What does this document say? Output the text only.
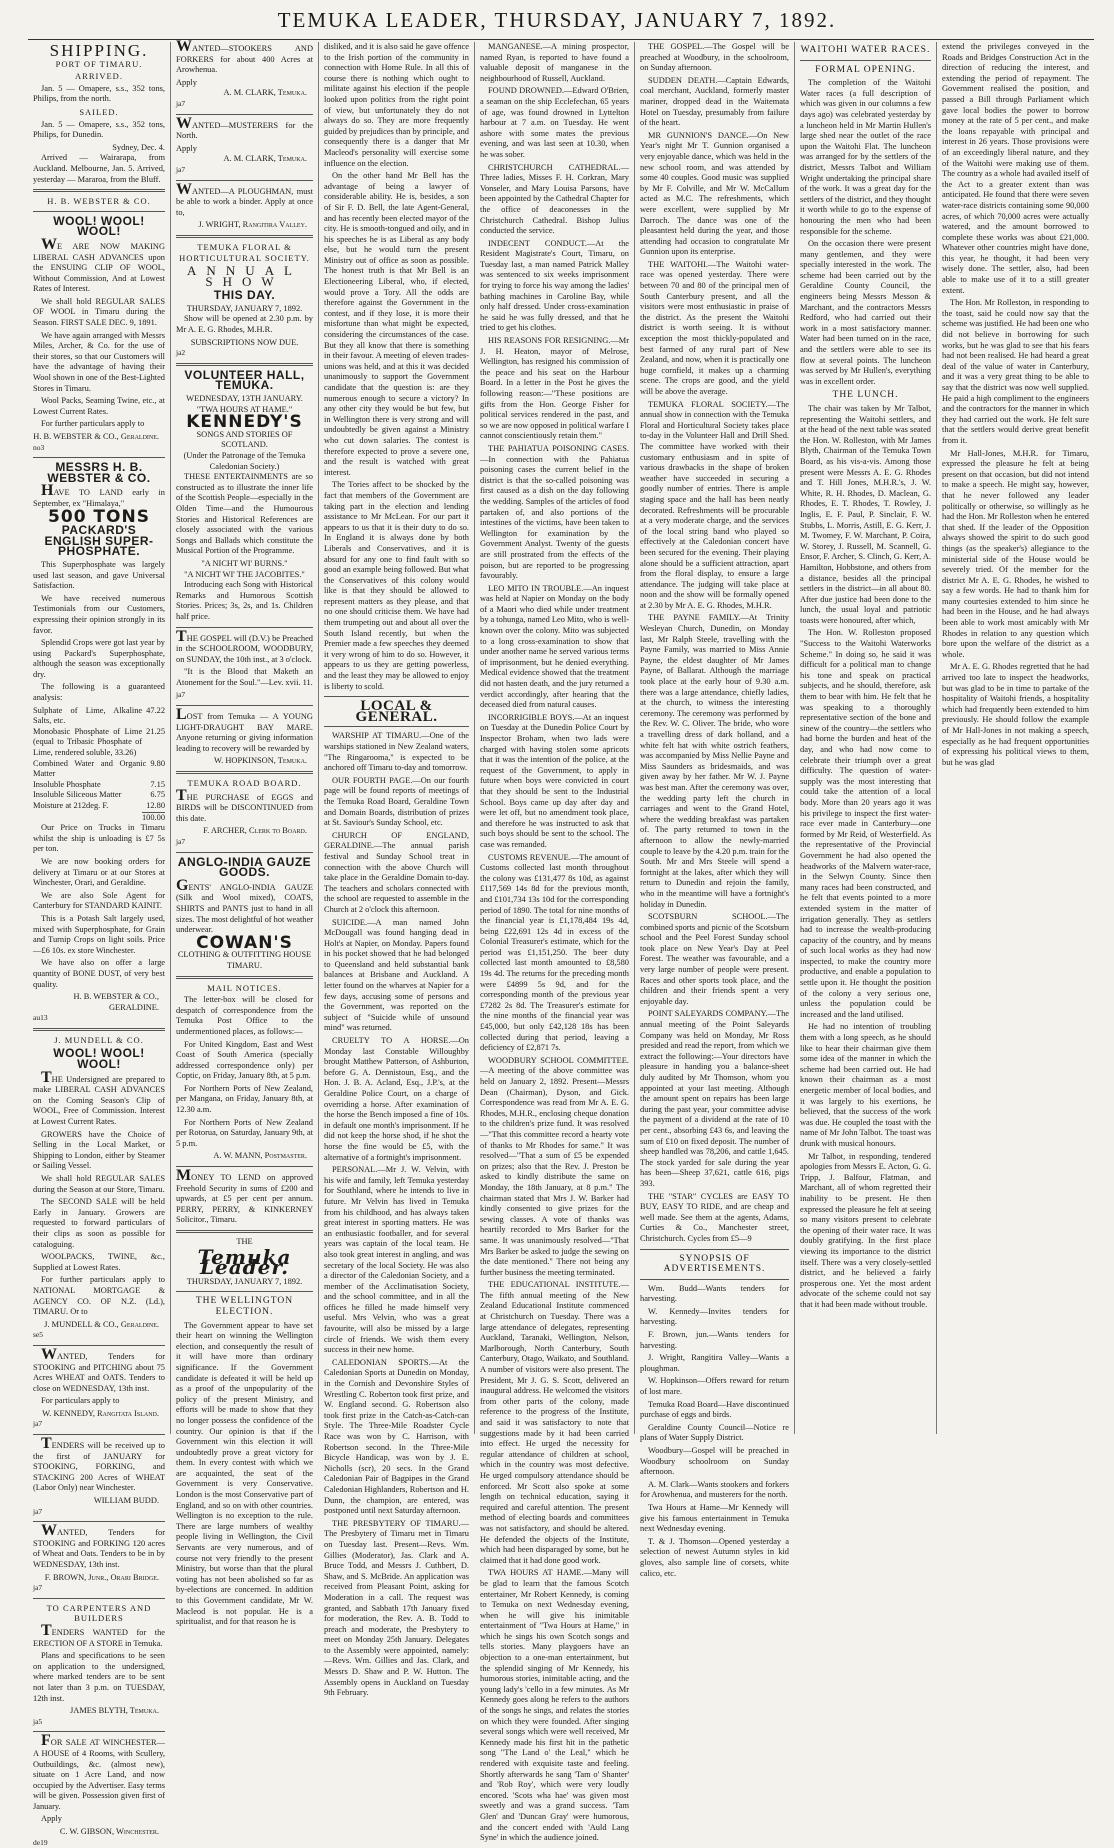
TEMUKA LEADER, THURSDAY, JANUARY 7, 1892.
SHIPPING.
PORT OF TIMARU.
ARRIVED.

Jan. 5 — Omapere, s.s., 352 tons, Philips, from the north.

SAILED.

Jan. 5 — Omapere, s.s., 352 tons, Philips, for Dunedin.

Sydney, Dec. 4.

Arrived — Wairarapa, from Auckland. Melbourne, Jan. 5. Arrived, yesterday — Mararoa, from the Bluff.

H. B. WEBSTER & CO.
WOOL! WOOL! WOOL!

WE ARE NOW MAKING LIBERAL CASH ADVANCES upon the ENSUING CLIP OF WOOL, Without Commission, And at Lowest Rates of Interest.

We shall hold REGULAR SALES OF WOOL in Timaru during the Season. FIRST SALE DEC. 9, 1891.

We have again arranged with Messrs Miles, Archer, & Co. for the use of their stores, so that our Customers will have the advantage of having their Wool shown in one of the Best-Lighted Stores in Timaru.

Wool Packs, Seaming Twine, etc., at Lowest Current Rates.

For further particulars apply to

H. B. WEBSTER & CO., Geraldine.
no3
MESSRS H. B. WEBSTER & CO.

HAVE TO LAND early in September, ex "Himalaya,"

500 TONS
PACKARD'S ENGLISH SUPER-PHOSPHATE.

This Superphosphate was largely used last season, and gave Universal Satisfaction.

We have received numerous Testimonials from our Customers, expressing their opinion strongly in its favor.

Splendid Crops were got last year by using Packard's Superphosphate, although the season was exceptionally dry.

The following is a guaranteed analysis:

Sulphate of Lime, Alkaline Salts, etc.
47.22
Monobasic Phosphate of Lime (equal to Tribasic Phosphate of Lime, rendered soluble, 33.26)
21.25
Combined Water and Organic Matter
9.80
Insoluble Phosphate	7.15
Insoluble Siliceous Matter	6.75
Moisture at 212deg. F.	12.80
100.00

Our Price on Trucks in Timaru whilst the ship is unloading is £7 5s per ton.

We are now booking orders for delivery at Timaru or at our Stores at Winchester, Orari, and Geraldine.

We are also Sole Agent for Canterbury for STANDARD KAINIT.

This is a Potash Salt largely used, mixed with Superphosphate, for Grain and Turnip Crops on light soils. Price—£6 10s. ex store Winchester.

We have also on offer a large quantity of BONE DUST, of very best quality.

H. B. WEBSTER & CO., GERALDINE.
au13
J. MUNDELL & CO.
WOOL! WOOL! WOOL!

THE Undersigned are prepared to make LIBERAL CASH ADVANCES on the Coming Season's Clip of WOOL, Free of Commission. Interest at Lowest Current Rates.

GROWERS have the Choice of Selling in the Local Market, or Shipping to London, either by Steamer or Sailing Vessel.

We shall hold REGULAR SALES during the Season at our Store, Timaru.

The SECOND SALE will be held Early in January. Growers are requested to forward particulars of their clips as soon as possible for cataloguing.

WOOLPACKS, TWINE, &c., Supplied at Lowest Rates.

For further particulars apply to NATIONAL MORTGAGE & AGENCY CO. OF N.Z. (Ld.), TIMARU. Or to

J. MUNDELL & CO., Geraldine.
se5

WANTED, Tenders for STOOKING and PITCHING about 75 Acres WHEAT and OATS. Tenders to close on WEDNESDAY, 13th inst.

For particulars apply to

W. KENNEDY, Rangitata Island.
ja7

TENDERS will be received up to the first of JANUARY for STOOKING, FORKING, and STACKING 200 Acres of WHEAT (Labor Only) near Winchester.

WILLIAM BUDD.
ja7

WANTED, Tenders for STOOKING and FORKING 120 acres of Wheat and Oats. Tenders to be in by WEDNESDAY, 13th inst.

F. BROWN, Junr., Orari Bridge.
ja7
TO CARPENTERS AND BUILDERS

TENDERS WANTED for the ERECTION OF A STORE in Temuka.

Plans and specifications to be seen on application to the undersigned, where marked tenders are to be sent not later than 3 p.m. on TUESDAY, 12th inst.

JAMES BLYTH, Temuka.
ja5

FOR SALE AT WINCHESTER—A HOUSE of 4 Rooms, with Scullery, Outbuildings, &c. (almost new), situate on 1 Acre Land, and now occupied by the Advertiser. Easy terms will be given. Possession given first of January.

Apply

C. W. GIBSON, Winchester.
de19

WANTED—STOOKERS AND FORKERS for about 400 Acres at Arowhenua.

Apply
A. M. CLARK, Temuka.
ja7

WANTED—MUSTERERS for the North.

Apply
A. M. CLARK, Temuka.
ja7

WANTED—A PLOUGHMAN, must be able to work a binder. Apply at once to,

J. WRIGHT, Rangitira Valley.
TEMUKA FLORAL & HORTICULTURAL SOCIETY.
ANNUAL SHOW
THIS DAY.
THURSDAY, JANUARY 7, 1892.

Show will be opened at 2.30 p.m. by Mr A. E. G. Rhodes, M.H.R.

SUBSCRIPTIONS NOW DUE.
ja2
VOLUNTEER HALL, TEMUKA.
WEDNESDAY, 13TH JANUARY.
"TWA HOURS AT HAME."
KENNEDY'S
SONGS AND STORIES OF SCOTLAND.
(Under the Patronage of the Temuka Caledonian Society.)

THESE ENTERTAINMENTS are so constructed as to illustrate the inner life of the Scottish People—especially in the Olden Time—and the Humourous Stories and Historical References are closely associated with the various Songs and Ballads which constitute the Musical Portion of the Programme.

"A NICHT WI' BURNS."
"A NICHT WI' THE JACOBITES."

Introducing each Song with Historical Remarks and Humorous Scottish Stories. Prices; 3s, 2s, and 1s. Children half price.

THE GOSPEL will (D.V.) be Preached in the SCHOOLROOM, WOODBURY, on SUNDAY, the 10th inst., at 3 o'clock.

"It is the Blood that Maketh an Atonement for the Soul."—Lev. xvii. 11.

ja7

LOST from Temuka — A YOUNG LIGHT-DRAUGHT BAY MARE. Anyone returning or giving information leading to recovery will be rewarded by

W. HOPKINSON, Temuka.
TEMUKA ROAD BOARD.

THE PURCHASE of EGGS and BIRDS will be DISCONTINUED from this date.

F. ARCHER, Clerk to Board.
ja7
ANGLO-INDIA GAUZE GOODS.

GENTS' ANGLO-INDIA GAUZE (Silk and Wool mixed), COATS, SHIRTS and PANTS just to hand in all sizes. The most delightful of hot weather underwear.

COWAN'S
CLOTHING & OUTFITTING HOUSE
TIMARU.
MAIL NOTICES.

The letter-box will be closed for despatch of correspondence from the Temuka Post Office to the undermentioned places, as follows:—

For United Kingdom, East and West Coast of South America (specially addressed correspondence only) per Coptic, on Friday, January 8th, at 5 p.m.

For Northern Ports of New Zealand, per Mangana, on Friday, January 8th, at 12.30 a.m.

For Northern Ports of New Zealand per Rotorua, on Saturday, January 9th, at 5 p.m.

A. W. MANN, Postmaster.

MONEY TO LEND on approved Freehold Security in sums of £200 and upwards, at £5 per cent per annum. PERRY, PERRY, & KINKERNEY Solicitor., Timaru.

THE
Temuka Leader.
THURSDAY, JANUARY 7, 1892.
THE WELLINGTON ELECTION.

The Government appear to have set their heart on winning the Wellington election, and consequently the result of it will have more than ordinary significance. If the Government candidate is defeated it will be held up as a proof of the unpopularity of the policy of the present Ministry, and efforts will be made to show that they no longer possess the confidence of the country. Our opinion is that if the Government win this election it will undoubtedly prove a great victory for them. In every contest with which we are acquainted, the seat of the Government is very Conservative. London is the most Conservative part of England, and so on with other countries. Wellington is no exception to the rule. There are large numbers of wealthy people living in Wellington, the Civil Servants are very numerous, and of course not very friendly to the present Ministry, but worse than that the plural voting has not been abolished so far as by-elections are concerned. In addition to this Government candidate, Mr W. Macleod is not popular. He is a spiritualist, and for that reason he is

disliked, and it is also said he gave offence to the Irish portion of the community in connection with Home Rule. In all this of course there is nothing which ought to militate against his election if the people looked upon politics from the right point of view, but unfortunately they do not always do so. They are more frequently guided by prejudices than by principle, and consequently there is a danger that Mr Macleod's personality will exercise some influence on the election.

On the other hand Mr Bell has the advantage of being a lawyer of considerable ability. He is, besides, a son of Sir F. D. Bell, the late Agent-General, and has recently been elected mayor of the city. He is smooth-tongued and oily, and in his speeches he is as Liberal as any body else, but he would turn the present Ministry out of office as soon as possible. The honest truth is that Mr Bell is an Electioneering Liberal, who, if elected, would prove a Tory. All the odds are therefore against the Government in the contest, and if they lose, it is more their misfortune than what might be expected, considering the circumstances of the case. But they all know that there is something in their favour. A meeting of eleven trades-unions was held, and at this it was decided unanimously to support the Government candidate that the question is: are they numerous enough to secure a victory? In any other city they would be but few, but in Wellington there is very strong and will undoubtedly be given against a Ministry who cut down salaries. The contest is therefore expected to prove a severe one, and the result is watched with great interest.

The Tories affect to be shocked by the fact that members of the Government are taking part in the election and lending assistance to Mr McLean. For our part it appears to us that it is their duty to do so. In England it is always done by both Liberals and Conservatives, and it is absurd for any one to find fault with so good an example being followed. But what the Conservatives of this colony would like is that they should be allowed to represent matters as they please, and that no one should criticise them. We have had them trumpeting out and about all over the South Island recently, but when the Premier made a few speeches they deemed it very wrong of him to do so. However, it appears to us they are getting powerless, and the least they may be allowed to enjoy is liberty to scold.

LOCAL & GENERAL.

WARSHIP AT TIMARU.—One of the warships stationed in New Zealand waters, "The Ringarooma," is expected to be anchored off Timaru to-day and tomorrow.

OUR FOURTH PAGE.—On our fourth page will be found reports of meetings of the Temuka Road Board, Geraldine Town and Domain Boards, distribution of prizes at St. Saviour's Sunday School, etc.

CHURCH OF ENGLAND, GERALDINE.—The annual parish festival and Sunday School treat in connection with the above Church will take place in the Geraldine Domain to-day. The teachers and scholars connected with the school are requested to assemble in the Church at 2 o'clock this afternoon.

SUICIDE.—A man named John McDougall was found hanging dead in Holt's at Napier, on Monday. Papers found in his pocket showed that he had belonged to Queensland and held substantial bank balances at Brisbane and Auckland. A letter found on the wharves at Napier for a few days, accusing some of persons and the Government, was reported on the subject of "Suicide while of unsound mind" was returned.

CRUELTY TO A HORSE.—On Monday last Constable Willoughby brought Matthew Patterson, of Ashburton, before G. A. Dennistoun, Esq., and the Hon. J. B. A. Acland, Esq., J.P.'s, at the Geraldine Police Court, on a charge of overriding a horse. After examination of the horse the Bench imposed a fine of 10s. in default one month's imprisonment. If he did not keep the horse shod, if he shot the horse the fine would be £5, with the alternative of a fortnight's imprisonment.

PERSONAL.—Mr J. W. Velvin, with his wife and family, left Temuka yesterday for Southland, where he intends to live in future. Mr Velvin has lived in Temuka from his childhood, and has always taken great interest in sporting matters. He was an enthusiastic footballer, and for several years was captain of the local team. He also took great interest in angling, and was secretary of the local Society. He was also a director of the Caledonian Society, and a member of the Acclimatisation Society, and the school committee, and in all the offices he filled he made himself very useful. Mrs Velvin, who was a great favourite, will also be missed by a large circle of friends. We wish them every success in their new home.

CALEDONIAN SPORTS.—At the Caledonian Sports at Dunedin on Monday, in the Cornish and Devonshire Styles of Wrestling C. Roberton took first prize, and W. England second. G. Robertson also took first prize in the Catch-as-Catch-can Style. The Three-Mile Roadster Cycle Race was won by C. Harrison, with Robertson second. In the Three-Mile Bicycle Handicap, was won by J. E. Nicholls (scr), 20 secs. In the Grand Caledonian Pair of Bagpipes in the Grand Caledonian Highlanders, Robertson and H. Dunn, the champion, are entered, was postponed until next Saturday afternoon.

THE PRESBYTERY OF TIMARU.—The Presbytery of Timaru met in Timaru on Tuesday last. Present—Revs. Wm. Gillies (Moderator), Jas. Clark and A. Bruce Todd, and Messrs J. Cuthbert, D. Shaw, and S. McBride. An application was received from Pleasant Point, asking for Moderation in a call. The request was granted, and Sabbath 17th January fixed for moderation, the Rev. A. B. Todd to preach and moderate, the Presbytery to meet on Monday 25th January. Delegates to the Assembly were appointed, namely:—Revs. Wm. Gillies and Jas. Clark, and Messrs D. Shaw and P. W. Hutton. The Assembly opens in Auckland on Tuesday 9th February.

MANGANESE.—A mining prospector, named Ryan, is reported to have found a valuable deposit of manganese in the neighbourhood of Russell, Auckland.

FOUND DROWNED.—Edward O'Brien, a seaman on the ship Ecclefechan, 65 years of age, was found drowned in Lyttelton harbour at 7 a.m. on Tuesday. He went ashore with some mates the previous evening, and was last seen at 10.30, when he was sober.

CHRISTCHURCH CATHEDRAL.—Three ladies, Misses F. H. Corkran, Mary Vonseler, and Mary Louisa Parsons, have been appointed by the Cathedral Chapter for the office of deaconesses in the Christchurch Cathedral. Bishop Julius conducted the service.

INDECENT CONDUCT.—At the Resident Magistrate's Court, Timaru, on Tuesday last, a man named Patrick Malley was sentenced to six weeks imprisonment for trying to force his way among the ladies' bathing machines in Caroline Bay, while only half dressed. Under cross-examination he said he was fully dressed, and that he tried to get his clothes.

HIS REASONS FOR RESIGNING.—Mr J. H. Heaton, mayor of Melrose, Wellington, has resigned his commission of the peace and his seat on the Harbour Board. In a letter in the Post he gives the following reason:—"These positions are gifts from the Hon. George Fisher for political services rendered in the past, and so we are now opposed in political warfare I cannot conscientiously retain them."

THE PAHIATUA POISONING CASES.—In connection with the Pahiatua poisoning cases the current belief in the district is that the so-called poisoning was first caused as a dish on the day following the wedding. Samples of the articles of food partaken of, and also portions of the intestines of the victims, have been taken to Wellington for examination by the Government Analyst. Twenty of the guests are still prostrated from the effects of the poison, but are reported to be progressing favourably.

LEO MITO IN TROUBLE.—An inquest was held at Napier on Monday on the body of a Maori who died while under treatment by a tohunga, named Leo Mito, who is well-known over the colony. Mito was subjected to a long cross-examination to show that under another name he served various terms of imprisonment, but he denied everything. Medical evidence showed that the treatment did not hasten death, and the jury returned a verdict accordingly, after hearing that the deceased died from natural causes.

INCORRIGIBLE BOYS.—At an inquest on Tuesday at the Dunedin Police Court by Inspector Broham, when two lads were charged with having stolen some apricots that it was the intention of the police, at the request of the Government, to apply in future when boys were convicted in court that they should be sent to the Industrial School. Boys came up day after day and were let off, but no amendment took place, and therefore he was instructed to ask that such boys should be sent to the school. The case was remanded.

CUSTOMS REVENUE.—The amount of Customs collected last month throughout the colony was £131,477 8s 10d, as against £117,569 14s 8d for the previous month, and £101,734 13s 10d for the corresponding period of 1890. The total for nine months of the financial year is £1,178,484 19s 4d, being £22,691 12s 4d in excess of the Colonial Treasurer's estimate, which for the period was £1,151,250. The beer duty collected last month amounted to £8,580 19s 4d. The returns for the preceding month were £4899 5s 9d, and for the corresponding month of the previous year £7282 2s 8d. The Treasurer's estimate for the nine months of the financial year was £45,000, but only £42,128 18s has been collected during that period, leaving a deficiency of £2,871 7s.

WOODBURY SCHOOL COMMITTEE.—A meeting of the above committee was held on January 2, 1892. Present—Messrs Dean (Chairman), Dyson, and Gick. Correspondence was read from Mr A. E. G. Rhodes, M.H.R., enclosing cheque donation to the children's prize fund. It was resolved—"That this committee record a hearty vote of thanks to Mr Rhodes for same." It was resolved—"That a sum of £5 be expended on prizes; also that the Rev. J. Preston be asked to kindly distribute the same on Monday, the 18th January, at 8 p.m." The chairman stated that Mrs J. W. Barker had kindly consented to give prizes for the sewing classes. A vote of thanks was heartily recorded to Mrs Barker for the same. It was unanimously resolved—"That Mrs Barker be asked to judge the sewing on the date mentioned." There not being any further business the meeting terminated.

THE EDUCATIONAL INSTITUTE.—The fifth annual meeting of the New Zealand Educational Institute commenced at Christchurch on Tuesday. There was a large attendance of delegates, representing Auckland, Taranaki, Wellington, Nelson, Marlborough, North Canterbury, South Canterbury, Otago, Waikato, and Southland. A number of visitors were also present. The President, Mr J. G. S. Scott, delivered an inaugural address. He welcomed the visitors from other parts of the colony, made reference to the progress of the Institute, and said it was satisfactory to note that suggestions made by it had been carried into effect. He urged the necessity for regular attendance of children at school, which in the country was most defective. He urged compulsory attendance should be enforced. Mr Scott also spoke at some length on technical education, saying it required and careful attention. The present method of electing boards and committees was not satisfactory, and should be altered. He defended the objects of the Institute, which had been disparaged by some, but he claimed that it had done good work.

TWA HOURS AT HAME.—Many will be glad to learn that the famous Scotch entertainer, Mr Robert Kennedy, is coming to Temuka on next Wednesday evening, when he will give his inimitable entertainment of "Twa Hours at Hame," in which he sings his own Scotch songs and tells stories. Many playgoers have an objection to a one-man entertainment, but the splendid singing of Mr Kennedy, his humorous stories, inimitable acting, and the young lady's 'cello in a few minutes. As Mr Kennedy goes along he refers to the authors of the songs he sings, and relates the stories on which they were founded. After singing several songs which were well received, Mr Kennedy made his first hit in the pathetic song "The Land o' the Leal," which he rendered with exquisite taste and feeling. Shortly afterwards he sang 'Tam o' Shanter' and 'Rob Roy', which were very loudly encored. 'Scots wha hae' was given most sweetly and was a grand success. 'Tam Glen' and 'Duncan Gray' were humorous, and the concert ended with 'Auld Lang Syne' in which the audience joined.

THE GOSPEL.—The Gospel will be preached at Woodbury, in the schoolroom, on Sunday afternoon.

SUDDEN DEATH.—Captain Edwards, coal merchant, Auckland, formerly master mariner, dropped dead in the Waitemata Hotel on Tuesday, presumably from failure of the heart.

MR GUNNION'S DANCE.—On New Year's night Mr T. Gunnion organised a very enjoyable dance, which was held in the new school room, and was attended by some 40 couples. Good music was supplied by Mr F. Colville, and Mr W. McCallum acted as M.C. The refreshments, which were excellent, were supplied by Mr Darroch. The dance was one of the pleasantest held during the year, and those attending had occasion to congratulate Mr Gunnion upon its enterprise.

THE WAITOHI.—The Waitohi water-race was opened yesterday. There were between 70 and 80 of the principal men of South Canterbury present, and all the visitors were most enthusiastic in praise of the district. As the present the Waitohi district is worth seeing. It is without exception the most thickly-populated and best farmed of any rural part of New Zealand, and now, when it is practically one huge cornfield, it makes up a charming scene. The crops are good, and the yield will be above the average.

TEMUKA FLORAL SOCIETY.—The annual show in connection with the Temuka Floral and Horticultural Society takes place to-day in the Volunteer Hall and Drill Shed. The committee have worked with their customary enthusiasm and in spite of various drawbacks in the shape of broken weather have succeeded in securing a goodly number of entries. There is ample staging space and the hall has been neatly decorated. Refreshments will be procurable at a very moderate charge, and the services of the local string band who played so effectively at the Caledonian concert have been secured for the evening. Their playing alone should be a sufficient attraction, apart from the floral display, to ensure a large attendance. The judging will take place at noon and the show will be formally opened at 2.30 by Mr A. E. G. Rhodes, M.H.R.

THE PAYNE FAMILY.—At Trinity Wesleyan Church, Dunedin, on Monday last, Mr Ralph Steele, travelling with the Payne Family, was married to Miss Annie Payne, the eldest daughter of Mr James Payne, of Ballarat. Although the marriage took place at the early hour of 9.30 a.m. there was a large attendance, chiefly ladies, at the church, to witness the interesting ceremony. The ceremony was performed by the Rev. W. C. Oliver. The bride, who wore a travelling dress of dark holland, and a white felt hat with white ostrich feathers, was accompanied by Miss Nellie Payne and Miss Saunders as bridesmaids, and was given away by her father. Mr W. J. Payne was best man. After the ceremony was over, the wedding party left the church in carriages and went to the Grand Hotel, where the wedding breakfast was partaken of. The party returned to town in the afternoon to allow the newly-married couple to leave by the 4.20 p.m. train for the South. Mr and Mrs Steele will spend a fortnight at the lakes, after which they will return to Dunedin and rejoin the family, who in the meantime will have a fortnight's holiday in Dunedin.

SCOTSBURN SCHOOL.—The combined sports and picnic of the Scotsburn school and the Peel Forest Sunday school took place on New Year's Day at Peel Forest. The weather was favourable, and a very large number of people were present. Races and other sports took place, and the children and their friends spent a very enjoyable day.

POINT SALEYARDS COMPANY.—The annual meeting of the Point Saleyards Company was held on Monday, Mr Ross presided and read the report, from which we extract the following:—Your directors have pleasure in handing you a balance-sheet duly audited by Mr Thomson, whom you appointed at your last meeting. Although the amount spent on repairs has been large during the past year, your committee advise the payment of a dividend at the rate of 10 per cent., absorbing £43 6s, and leaving the sum of £10 on fixed deposit. The number of sheep handled was 78,206, and cattle 1,645. The stock yarded for sale during the year has been—Sheep 37,621, cattle 616, pigs 393.

THE "STAR" CYCLES are EASY TO BUY, EASY TO RIDE, and are cheap and well made. See them at the agents, Adams, Curties & Co., Manchester street, Christchurch. Cycles from £5—9

SYNOPSIS OF ADVERTISEMENTS.

Wm. Budd—Wants tenders for harvesting.

W. Kennedy—Invites tenders for harvesting.

F. Brown, jun.—Wants tenders for harvesting.

J. Wright, Rangitira Valley—Wants a ploughman.

W. Hopkinson—Offers reward for return of lost mare.

Temuka Road Board—Have discontinued purchase of eggs and birds.

Geraldine County Council—Notice re plans of Water Supply District.

Woodbury—Gospel will be preached in Woodbury schoolroom on Sunday afternoon.

A. M. Clark—Wants stookers and forkers for Arowhenua, and musterers for the north.

Twa Hours at Hame—Mr Kennedy will give his famous entertainment in Temuka next Wednesday evening.

T. & J. Thomson—Opened yesterday a selection of newest Autumn styles in kid gloves, also sample line of corsets, white calico, etc.

WAITOHI WATER RACES.
FORMAL OPENING.

The completion of the Waitohi Water races (a full description of which was given in our columns a few days ago) was celebrated yesterday by a luncheon held in Mr Martin Hullen's large shed near the outlet of the race upon the Waitohi Flat. The luncheon was arranged for by the settlers of the district, Messrs Talbot and William Wright undertaking the principal share of the work. It was a great day for the settlers of the district, and they thought it worth while to go to the expense of honouring the men who had been responsible for the scheme.

On the occasion there were present many gentlemen, and they were specially interested in the work. The scheme had been carried out by the Geraldine County Council, the engineers being Messrs Messon & Marchant, and the contractors Messrs Redford, who had carried out their work in a most satisfactory manner. Water had been turned on in the race, and the settlers were able to see its flow at several points. The luncheon was served by Mr Hullen's, everything was in excellent order.

THE LUNCH.

The chair was taken by Mr Talbot, representing the Waitohi settlers, and at the head of the next table was seated the Hon. W. Rolleston, with Mr James Blyth, Chairman of the Temuka Town Board, as his vis-a-vis. Among those present were Messrs A. E. G. Rhodes and T. Hill Jones, M.H.R.'s, J. W. White, R. H. Rhodes, D. Maclean, G. Rhodes, E. T. Rhodes, T. Rowley, J. Inglis, E. F. Paul, P. Sinclair, F. W. Stubbs, L. Morris, Astill, E. G. Kerr, J. M. Twomey, F. W. Marchant, P. Coira, W. Storey, J. Russell, M. Scannell, G. Ensor, F. Archer, S. Clinch, G. Kerr, A. Hamilton, Hobbstone, and others from a distance, besides all the principal settlers in the district—in all about 80. After due justice had been done to the lunch, the usual loyal and patriotic toasts were honoured, after which,

The Hon. W. Rolleston proposed "Success to the Waitohi Waterworks Scheme." In doing so, he said it was difficult for a political man to change his tone and speak on practical subjects, and he should, therefore, ask them to bear with him. He felt that he was speaking to a thoroughly representative section of the bone and sinew of the country—the settlers who had borne the burden and heat of the day, and who had now come to celebrate their triumph over a great difficulty. The question of water-supply was the most interesting that could take the attention of a local body. More than 20 years ago it was his privilege to inspect the first water-race ever made in Canterbury—one formed by Mr Reid, of Westerfield. As the representative of the Provincial Government he had also opened the headworks of the Malvern water-race, in the Selwyn County. Since then many races had been constructed, and he felt that events pointed to a more extended system in the matter of irrigation generally. They as settlers had to increase the wealth-producing capacity of the country, and by means of such local works as they had now inspected, to make the country more productive, and enable a population to settle upon it. He thought the position of the colony a very serious one, unless the population could be increased and the land utilised.

He had no intention of troubling them with a long speech, as he should like to hear their chairman give them some idea of the manner in which the scheme had been carried out. He had known their chairman as a most energetic member of local bodies, and it was largely to his exertions, he believed, that the success of the work was due. He coupled the toast with the name of Mr John Talbot. The toast was drunk with musical honours.

Mr Talbot, in responding, tendered apologies from Messrs E. Acton, G. G. Tripp, J. Balfour, Flatman, and Marchant, all of whom regretted their inability to be present. He then expressed the pleasure he felt at seeing so many visitors present to celebrate the opening of their water race. It was doubly gratifying. In the first place viewing its importance to the district itself. There was a very closely-settled district, and he believed a fairly prosperous one. Yet the most ardent advocate of the scheme could not say that it had been made without trouble.

extend the privileges conveyed in the Roads and Bridges Construction Act in the direction of reducing the interest, and extending the period of repayment. The Government realised the position, and passed a Bill through Parliament which gave local bodies the power to borrow money at the rate of 5 per cent., and make the loans repayable with principal and interest in 26 years. Those provisions were of an exceedingly liberal nature, and they of the Waitohi were making use of them. The country as a whole had availed itself of the Act to a greater extent than was anticipated. He found that there were seven water-race districts containing some 90,000 acres, of which 70,000 acres were actually watered, and the amount borrowed to complete these works was about £21,000. Whatever other countries might have done, this year, he thought, it had been very wisely done. The settler, also, had been able to make use of it to a still greater extent.

The Hon. Mr Rolleston, in responding to the toast, said he could now say that the scheme was justified. He had been one who did not believe in borrowing for such works, but he was glad to see that his fears had not been realised. He had heard a great deal of the value of water in Canterbury, and it was a very great thing to be able to say that the district was now well supplied. He paid a high compliment to the engineers and the contractors for the manner in which they had carried out the work. He felt sure that the settlers would derive great benefit from it.

Mr Hall-Jones, M.H.R. for Timaru, expressed the pleasure he felt at being present on that occasion, but did not intend to make a speech. He might say, however, that he never followed any leader politically or otherwise, so willingly as he had the Hon. Mr Rolleston when he entered that shed. If the leader of the Opposition always showed the spirit to do such good things (as the speaker's) allegiance to the ministerial side of the House would be severely tried. Of the member for the district Mr A. E. G. Rhodes, he wished to say a few words. He had to thank him for many courtesies extended to him since he had been in the House, and he had always been able to work most amicably with Mr Rhodes in relation to any question which bore upon the welfare of the district as a whole.

Mr A. E. G. Rhodes regretted that he had arrived too late to inspect the headworks, but was glad to be in time to partake of the hospitality of Waitohi friends, a hospitality which had frequently been extended to him previously. He should follow the example of Mr Hall-Jones in not making a speech, especially as he had frequent opportunities of expressing his political views to them, but he was glad
